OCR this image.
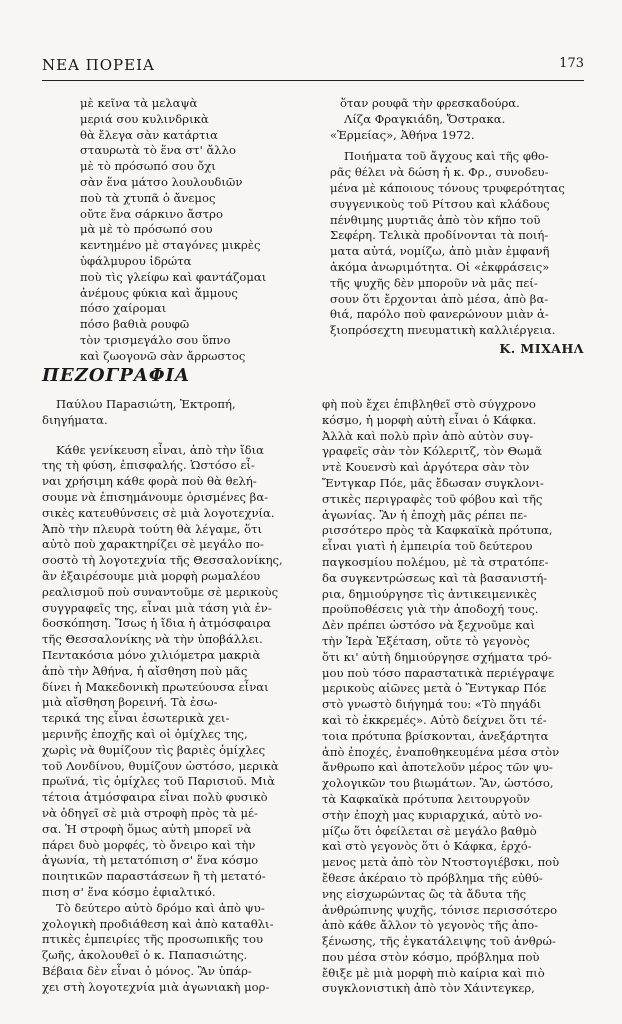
ΝΕΑ ΠΟΡΕΙΑ	173
μὲ κεῖνα τὰ μελαψὰ
μεριά σου κυλινδρικὰ
θὰ ἔλεγα σὰν κατάρτια
σταυρωτὰ τὸ ἕνα στ' ἄλλο
μὲ τὸ πρόσωπό σου ὄχι
σὰν ἕνα μάτσο λουλουδιῶν
ποὺ τὰ χτυπᾶ ὁ ἄνεμος
οὔτε ἕνα σάρκινο ἄστρο
μὰ μὲ τὸ πρόσωπό σου
κεντημένο μὲ σταγόνες μικρὲς
ὑφάλμυρου ἱδρώτα
ποὺ τὶς γλείφω καὶ φαντάζομαι
ἀνέμους φύκια καὶ ἄμμους
πόσο χαίρομαι
πόσο βαθιὰ ρουφῶ
τὸν τρισμεγάλο σου ὕπνο
καὶ ζωογονῶ σὰν ἄρρωστος
ὅταν ρουφᾶ τὴν φρεσκαδούρα.
Λίζα Φραγκιάδη, Ὄστρακα.
«Ἑρμείας», Ἀθήνα 1972.
Ποιήματα τοῦ ἄγχους καὶ τῆς φθο-
ρᾶς θέλει νὰ δώση ἡ κ. Φρ., συνοδευ-
μένα μὲ κάποιους τόνους τρυφερότητας
συγγενικοὺς τοῦ Ρίτσου καὶ κλάδους
πένθιμης μυρτιᾶς ἀπὸ τὸν κῆπο τοῦ
Σεφέρη. Τελικὰ προδίνονται τὰ ποιή-
ματα αὐτά, νομίζω, ἀπὸ μιὰν ἐμφανῆ
ἀκόμα ἀνωριμότητα. Οἱ «ἐκφράσεις»
τῆς ψυχῆς δὲν μποροῦν νὰ μᾶς πεί-
σουν ὅτι ἔρχονται ἀπὸ μέσα, ἀπὸ βα-
θιά, παρόλο ποὺ φανερώνουν μιὰν ἀ-
ξιοπρόσεχτη πνευματικὴ καλλιέργεια.
Κ. ΜΙΧΑΗΛ
ΠΕΖΟΓΡΑΦΙΑ
Παύλου Πapaσιώτη, Ἐκτροπή,
διηγήματα.
Κάθε γενίκευση εἶναι, ἀπὸ τὴν ἴδια
της τὴ φύση, ἐπισφαλής. Ὡστόσο εἶ-
ναι χρήσιμη κάθε φορὰ ποὺ θὰ θελή-
σουμε νὰ ἐπισημάνουμε ὁρισμένες βα-
σικὲς κατευθύνσεις σὲ μιὰ λογοτεχνία.
Ἀπὸ τὴν πλευρὰ τούτη θὰ λέγαμε, ὅτι
αὐτὸ ποὺ χαρακτηρίζει σὲ μεγάλο πο-
σοστὸ τὴ λογοτεχνία τῆς Θεσσαλονίκης,
ἂν ἐξαιρέσουμε μιὰ μορφὴ ρωμαλέου
ρεαλισμοῦ ποὺ συναντοῦμε σὲ μερικοὺς
συγγραφεῖς της, εἶναι μιὰ τάση γιὰ ἐν-
δοσκόπηση. Ἴσως ἡ ἴδια ἡ ἀτμόσφαιρα
τῆς Θεσσαλονίκης νὰ τὴν ὑποβάλλει.
Πεντακόσια μόνο χιλιόμετρα μακριὰ
ἀπὸ τὴν Ἀθήνα, ἡ αἴσθηση ποὺ μᾶς
δίνει ἡ Μακεδονικὴ πρωτεύουσα εἶναι
μιὰ αἴσθηση βορεινή. Τὰ ἐσω-
τερικά της εἶναι ἐσωτερικὰ χει-
μερινῆς ἐποχῆς καὶ οἱ ὁμίχλες της,
χωρὶς νὰ θυμίζουν τὶς βαριὲς ὁμίχλες
τοῦ Λονδίνου, θυμίζουν ὡστόσο, μερικὰ
πρωϊνά, τὶς ὁμίχλες τοῦ Παρισιοῦ. Μιὰ
τέτοια ἀτμόσφαιρα εἶναι πολὺ φυσικὸ
νὰ ὁδηγεῖ σὲ μιὰ στροφὴ πρὸς τὰ μέ-
σα. Ἡ στροφὴ ὅμως αὐτὴ μπορεῖ νὰ
πάρει δυὸ μορφές, τὸ ὄνειρο καὶ τὴν
ἀγωνία, τὴ μετατόπιση σ' ἕνα κόσμο
ποιητικῶν παραστάσεων ἢ τὴ μετατό-
πιση σ' ἕνα κόσμο ἐφιαλτικό.
Τὸ δεύτερο αὐτὸ δρόμο καὶ ἀπὸ ψυ-
χολογικὴ προδιάθεση καὶ ἀπὸ καταθλι-
πτικὲς ἐμπειρίες τῆς προσωπικῆς του
ζωῆς, ἀκολουθεῖ ὁ κ. Παπασιώτης.
Βέβαια δὲν εἶναι ὁ μόνος. Ἂν ὑπάρ-
χει στὴ λογοτεχνία μιὰ ἀγωνιακὴ μορ-
φὴ ποὺ ἔχει ἐπιβληθεῖ στὸ σύγχρονο
κόσμο, ἡ μορφὴ αὐτὴ εἶναι ὁ Κάφκα.
Ἀλλὰ καὶ πολὺ πρὶν ἀπὸ αὐτὸν συγ-
γραφεῖς σὰν τὸν Κόλεριτζ, τὸν Θωμᾶ
ντὲ Κουενσὺ καὶ ἀργότερα σὰν τὸν
Ἔντγκαρ Πόε, μᾶς ἔδωσαν συγκλονι-
στικὲς περιγραφὲς τοῦ φόβου καὶ τῆς
ἀγωνίας. Ἂν ἡ ἐποχὴ μᾶς ρέπει πε-
ρισσότερο πρὸς τὰ Καφκαϊκὰ πρότυπα,
εἶναι γιατὶ ἡ ἐμπειρία τοῦ δεύτερου
παγκοσμίου πολέμου, μὲ τὰ στρατόπε-
δα συγκεντρώσεως καὶ τὰ βασανιστή-
ρια, δημιούργησε τὶς ἀντικειμενικὲς
προϋποθέσεις γιὰ τὴν ἀποδοχή τους.
Δὲν πρέπει ὡστόσο νὰ ξεχνοῦμε καὶ
τὴν Ἱερὰ Ἐξέταση, οὔτε τὸ γεγονὸς
ὅτι κι' αὐτὴ δημιούργησε σχήματα τρό-
μου ποὺ τόσο παραστατικὰ περιέγραψε
μερικοὺς αἰῶνες μετὰ ὁ Ἔντγκαρ Πόε
στὸ γνωστὸ διήγημά του: «Τὸ πηγάδι
καὶ τὸ ἐκκρεμές». Αὐτὸ δείχνει ὅτι τέ-
τοια πρότυπα βρίσκονται, ἀνεξάρτητα
ἀπὸ ἐποχές, ἐναποθηκευμένα μέσα στὸν
ἄνθρωπο καὶ ἀποτελοῦν μέρος τῶν ψυ-
χολογικῶν του βιωμάτων. Ἂν, ὡστόσο,
τὰ Καφκαϊκὰ πρότυπα λειτουργοῦν
στὴν ἐποχὴ μας κυριαρχικά, αὐτὸ νο-
μίζω ὅτι ὀφείλεται σὲ μεγάλο βαθμὸ
καὶ στὸ γεγονὸς ὅτι ὁ Κάφκα, ἐρχό-
μενος μετὰ ἀπὸ τὸν Ντοστογιέβσκι, ποὺ
ἔθεσε ἀκέραιο τὸ πρόβλημα τῆς εὐθύ-
νης εἰσχωρώντας ὣς τὰ ἄδυτα τῆς
ἀνθρώπινης ψυχῆς, τόνισε περισσότερο
ἀπὸ κάθε ἄλλον τὸ γεγονὸς τῆς ἀπο-
ξένωσης, τῆς ἐγκατάλειψης τοῦ ἀνθρώ-
που μέσα στὸν κόσμο, πρόβλημα ποὺ
ἔθιξε μὲ μιὰ μορφὴ πιὸ καίρια καὶ πιὸ
συγκλονιστικὴ ἀπὸ τὸν Χάιντεγκερ,
